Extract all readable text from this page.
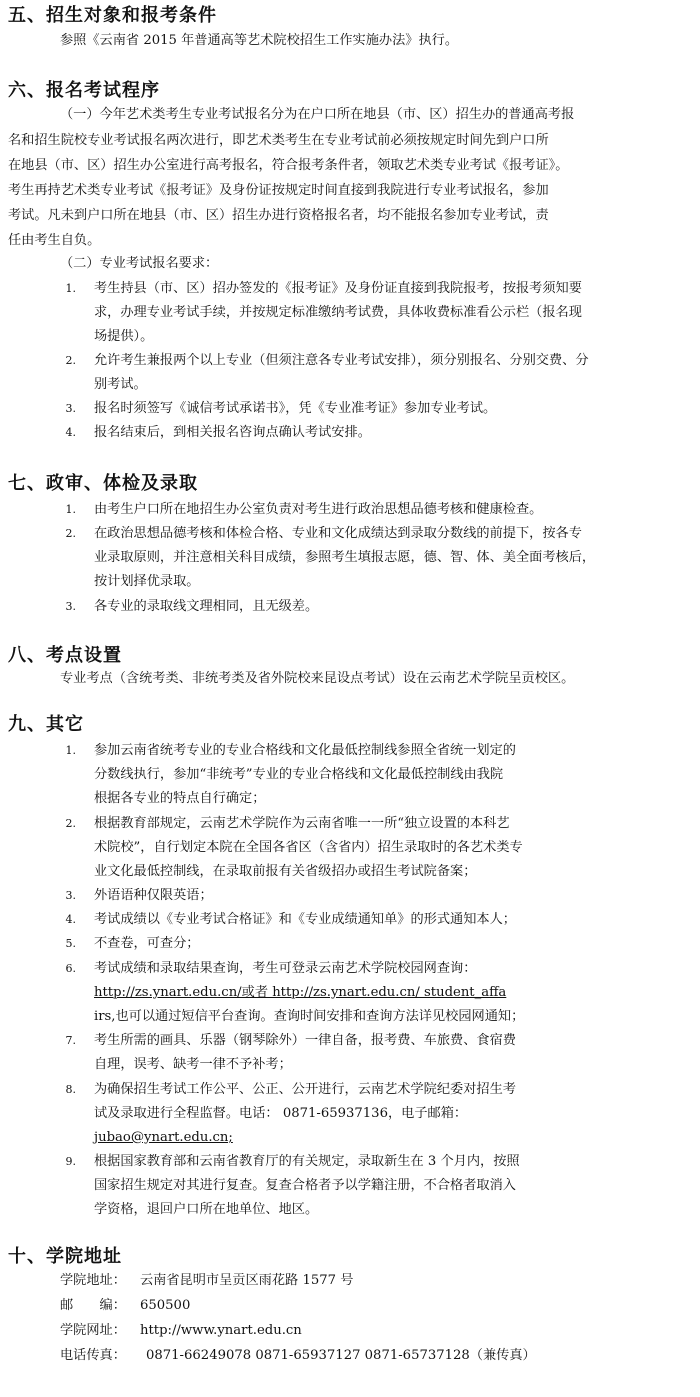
五、招生对象和报考条件
参照《云南省 2015 年普通高等艺术院校招生工作实施办法》执行。
六、报名考试程序
（一）今年艺术类考生专业考试报名分为在户口所在地县（市、区）招生办的普通高考报
名和招生院校专业考试报名两次进行，即艺术类考生在专业考试前必须按规定时间先到户口所
在地县（市、区）招生办公室进行高考报名，符合报考条件者，领取艺术类专业考试《报考证》。
考生再持艺术类专业考试《报考证》及身份证按规定时间直接到我院进行专业考试报名，参加
考试。凡未到户口所在地县（市、区）招生办进行资格报名者，均不能报名参加专业考试，责
任由考生自负。
（二）专业考试报名要求：
1. 考生持县（市、区）招办签发的《报考证》及身份证直接到我院报考，按报考须知要
求，办理专业考试手续，并按规定标准缴纳考试费，具体收费标准看公示栏（报名现
场提供）。
2. 允许考生兼报两个以上专业（但须注意各专业考试安排），须分别报名、分别交费、分
别考试。
3. 报名时须签写《诚信考试承诺书》，凭《专业准考证》参加专业考试。
4. 报名结束后，到相关报名咨询点确认考试安排。
七、政审、体检及录取
1. 由考生户口所在地招生办公室负责对考生进行政治思想品德考核和健康检查。
2. 在政治思想品德考核和体检合格、专业和文化成绩达到录取分数线的前提下，按各专
业录取原则，并注意相关科目成绩，参照考生填报志愿，德、智、体、美全面考核后，
按计划择优录取。
3. 各专业的录取线文理相同，且无级差。
八、考点设置
专业考点（含统考类、非统考类及省外院校来昆设点考试）设在云南艺术学院呈贡校区。
九、其它
1. 参加云南省统考专业的专业合格线和文化最低控制线参照全省统一划定的
分数线执行，参加“非统考”专业的专业合格线和文化最低控制线由我院
根据各专业的特点自行确定；
2. 根据教育部规定，云南艺术学院作为云南省唯一一所“独立设置的本科艺
术院校”，自行划定本院在全国各省区（含省内）招生录取时的各艺术类专
业文化最低控制线，在录取前报有关省级招办或招生考试院备案；
3. 外语语种仅限英语；
4. 考试成绩以《专业考试合格证》和《专业成绩通知单》的形式通知本人；
5. 不查卷，可查分；
6. 考试成绩和录取结果查询，考生可登录云南艺术学院校园网查询：
http://zs.ynart.edu.cn/或者 http://zs.ynart.edu.cn/ student_affa
irs,也可以通过短信平台查询。查询时间安排和查询方法详见校园网通知；
7. 考生所需的画具、乐器（钢琴除外）一律自备，报考费、车旅费、食宿费
自理，误考、缺考一律不予补考；
8. 为确保招生考试工作公平、公正、公开进行，云南艺术学院纪委对招生考
试及录取进行全程监督。电话： 0871-65937136，电子邮箱：
jubao@ynart.edu.cn;
9. 根据国家教育部和云南省教育厅的有关规定，录取新生在 3 个月内，按照
国家招生规定对其进行复查。复查合格者予以学籍注册，不合格者取消入
学资格，退回户口所在地单位、地区。
十、学院地址
学院地址： 云南省昆明市呈贡区雨花路 1577 号
邮　　编： 650500
学院网址： http://www.ynart.edu.cn
电话传真： 0871-66249078 0871-65937127 0871-65737128（兼传真）
